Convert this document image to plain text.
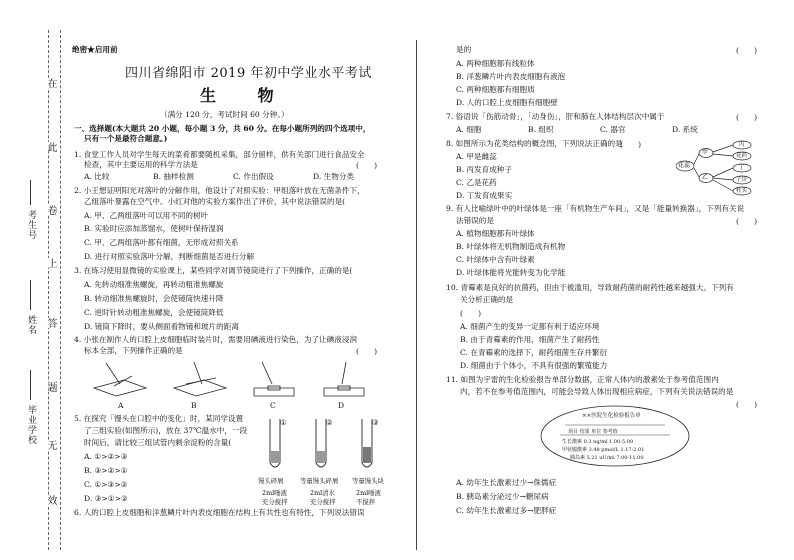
在
此
卷
上
答
题
无
效
考生号
姓名
毕业学校
绝密★启用前
四川省绵阳市 2019 年初中学业水平考试
生 物
（满分 120 分，考试时间 60 分钟。）
一、选择题(本大题共 20 小题，每小题 3 分，共 60 分。在每小题所列的四个选项中，
只有一个是最符合题意。)
1. 食堂工作人员对学生每天的菜肴都要随机采集，部分留样，供有关部门进行食品安全
检查，其中主要运用的科学方法是	(　　)
A. 比较	B. 抽样检测	C. 作出假设	D. 生物分类
2. 小王想证明阳光对落叶的分解作用，他设计了对照实验：甲组落叶放在无菌条件下，
乙组落叶暴露在空气中。小红对他的实验方案作出了评价，其中说法错误的是(
A. 甲、乙两组落叶可以用不同的树叶
B. 实验时应添加蒸馏水，使树叶保持湿润
C. 甲、乙两组落叶都有细菌，无形成对照关系
D. 进行对照实验落叶分解，判断细菌是否进行分解
3. 在练习使用显微镜的实验课上，某些同学对调节镜筒进行了下列操作，正确的是(
A. 先转动细准焦螺旋，再转动粗准焦螺旋
B. 转动细准焦螺旋时，会使镜筒快速升降
C. 逆时针转动粗准焦螺旋，会使镜筒降低
D. 镜筒下降时，要从侧面看物镜和玻片的距离
4. 小张在制作人的口腔上皮细胞临时装片时，需要用碘液进行染色，为了让碘液浸润
标本全部，下列操作正确的是	(　　)
A	B	C	D
5. 在探究「馒头在口腔中的变化」时，某同学设置
了三组实验(如图所示)，放在 37℃温水中，一段
时间后，请比较三组试管内剩余淀粉的含量(
A. ①>②>③
B. ③>②>①
C. ①>③>②
D. ③>①>②
①	②	③
馒头碎屑	等量馒头碎屑 等量馒头块
2ml唾液
充分搅拌
2ml清水
充分搅拌
2ml唾液
不搅拌
6. 人的口腔上皮细胞和洋葱鳞片叶内表皮细胞在结构上有共性也有特性，下列说法错误
是的	(　　)
A. 两种细胞都有线粒体
B. 洋葱鳞片叶内表皮细胞有液泡
C. 两种细胞都有细胞质
D. 人的口腔上皮细胞有细胞壁
7. 俗语说「伤筋动骨」，「动身伤」，肝和肺在人体结构层次中属于	(　　)
A. 细胞	B. 组织	C. 器官	D. 系统
8. 如图所示为花类结构的概念图，下列说法正确的是
(　　)
A. 甲是雌蕊
B. 丙发育成种子
C. 乙是花药
D. 丁发育成果实
花蕊
甲
乙
丙
花药
丁
子房
柱头
9. 有人比喻绿叶中的叶绿体是一座「有机物生产车间」，又是「能量转换器」，下列有关说
法错误的是	(　　)
A. 植物细胞都有叶绿体
B. 叶绿体将无机物制造成有机物
C. 叶绿体中含有叶绿素
D. 叶绿体能将光能转变为化学能
10. 青霉素是良好的抗菌药，但由于被滥用，导致耐药菌的耐药性越来越强大。下列有
关分析正确的是
(　　)
A. 细菌产生的变异一定都有利于适应环境
B. 由于青霉素的作用，细菌产生了耐药性
C. 在青霉素的选择下，耐药细菌生存并繁衍
D. 细菌由于个体小，不具有很强的繁殖能力
11. 如图为宇雷的生化检验报告单部分数据，正常人体内的激素处于参考值范围内
内，若不在参考值范围内，可能会导致人体出现相应病症，下列有关说法错误的是
(　　)
××医院生化检验报告单
项目 结果 单位 参考值
生长激素 0.3 ng/ml 1.00-5.00
甲状腺激素 3.48 pmol/L 1.17-2.01
胰岛素 5.21 uU/ml 7.00-11.00
A. 幼年生长激素过少→侏儒症
B. 胰岛素分泌过少→糖尿病
C. 幼年生长激素过多→肥胖症
